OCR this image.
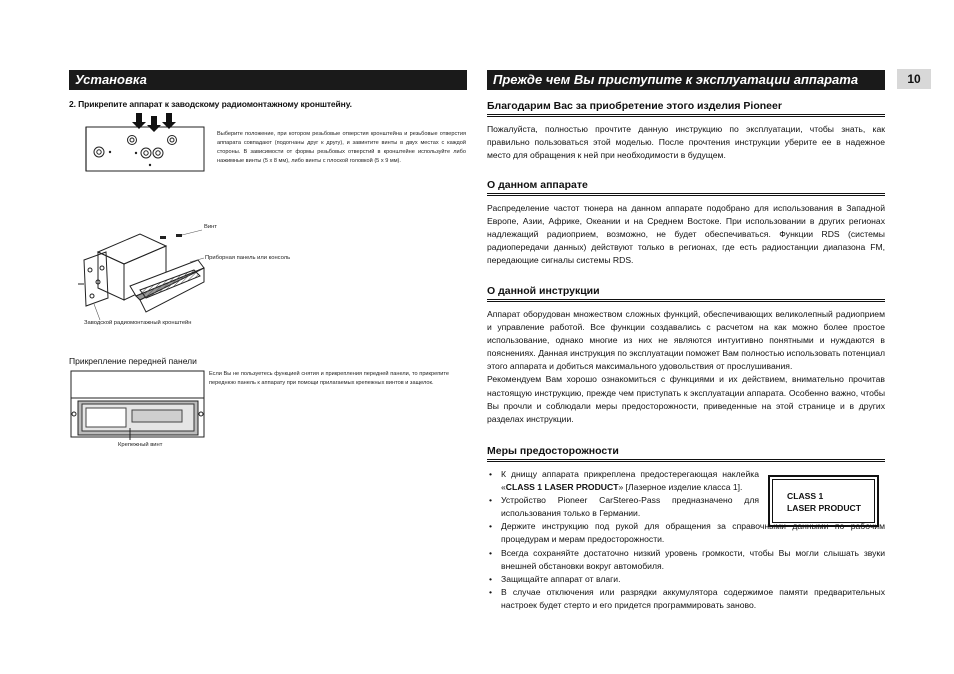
Установка
2. Прикрепите аппарат к заводскому радиомонтажному кронштейну.
Выберите положение, при котором резьбовые отверстия кронштейна и резьбовые отверстия аппарата совпадают (подогнаны друг к другу), и завинтите винты в двух местах с каждой стороны. В зависимости от формы резьбовых отверстий в кронштейне используйте либо нажимные винты (5 x 8 мм), либо винты с плоской головкой (5 x 9 мм).
Винт
Приборная панель или консоль
Заводской радиомонтажный кронштейн
Прикрепление передней панели
Если Вы не пользуетесь функцией снятия и прикрепления передней панели, то прикрепите переднюю панель к аппарату при помощи прилагаемых крепежных винтов и защелок.
Крепежный винт
Прежде чем Вы приступите к эксплуатации аппарата	10
Благодарим Вас за приобретение этого изделия Pioneer

Пожалуйста, полностью прочтите данную инструкцию по эксплуатации, чтобы знать, как правильно пользоваться этой моделью. После прочтения инструкции уберите ее в надежное место для обращения к ней при необходимости в будущем.

О данном аппарате

Распределение частот тюнера на данном аппарате подобрано для использования в Западной Европе, Азии, Африке, Океании и на Среднем Востоке. При использовании в других регионах надлежащий радиоприем, возможно, не будет обеспечиваться. Функции RDS (системы радиопередачи данных) действуют только в регионах, где есть радиостанции диапазона FM, передающие сигналы системы RDS.

О данной инструкции

Аппарат оборудован множеством сложных функций, обеспечивающих великолепный радиоприем и управление работой. Все функции создавались с расчетом на как можно более простое использование, однако многие из них не являются интуитивно понятными и нуждаются в пояснениях. Данная инструкция по эксплуатации поможет Вам полностью использовать потенциал этого аппарата и добиться максимального удовольствия от прослушивания.

Рекомендуем Вам хорошо ознакомиться с функциями и их действием, внимательно прочитав настоящую инструкцию, прежде чем приступать к эксплуатации аппарата. Особенно важно, чтобы Вы прочли и соблюдали меры предосторожности, приведенные на этой странице и в других разделах инструкции.

Меры предосторожности
• К днищу аппарата прикреплена предостерегающая наклейка «CLASS 1 LASER PRODUCT» [Лазерное изделие класса 1].
• Устройство Pioneer CarStereo-Pass предназначено для использования только в Германии.
• Держите инструкцию под рукой для обращения за справочными данными по рабочим процедурам и мерам предосторожности.
• Всегда сохраняйте достаточно низкий уровень громкости, чтобы Вы могли слышать звуки внешней обстановки вокруг автомобиля.
• Защищайте аппарат от влаги.
• В случае отключения или разрядки аккумулятора содержимое памяти предварительных настроек будет стерто и его придется программировать заново.
CLASS 1
LASER PRODUCT
